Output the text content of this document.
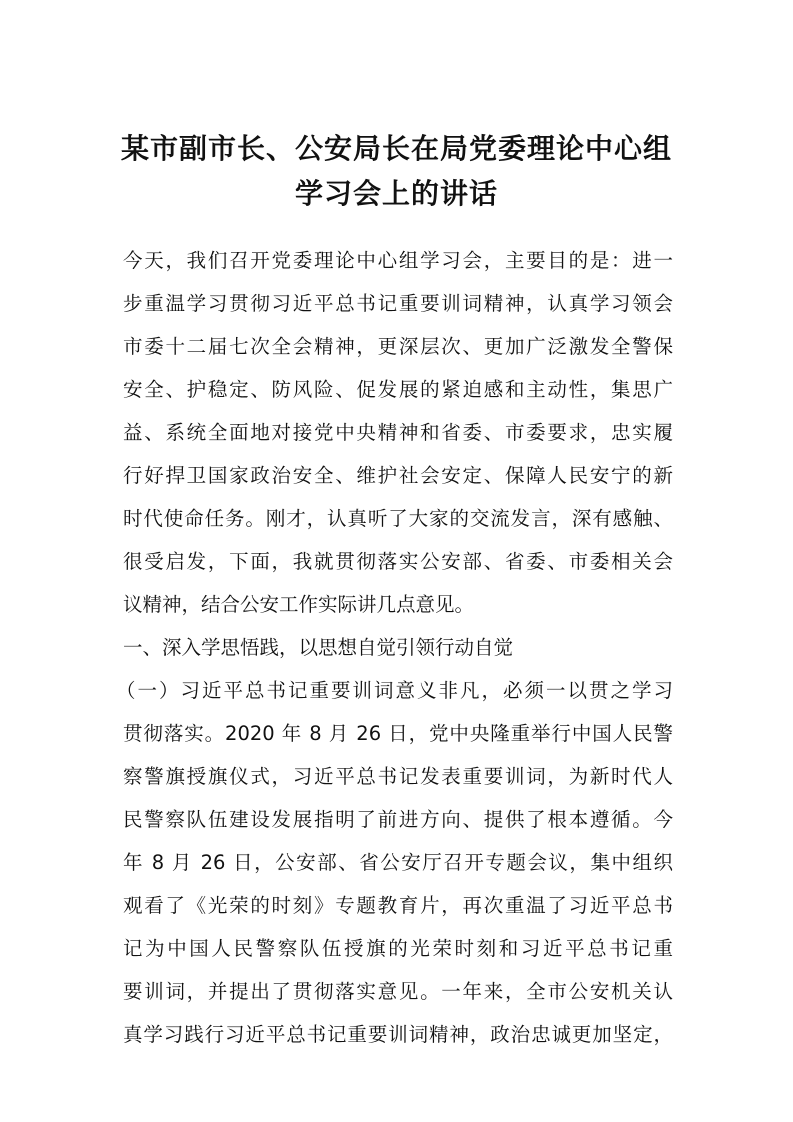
某市副市长、公安局长在局党委理论中心组
学习会上的讲话
今天，我们召开党委理论中心组学习会，主要目的是：进一
步重温学习贯彻习近平总书记重要训词精神，认真学习领会
市委十二届七次全会精神，更深层次、更加广泛激发全警保
安全、护稳定、防风险、促发展的紧迫感和主动性，集思广
益、系统全面地对接党中央精神和省委、市委要求，忠实履
行好捍卫国家政治安全、维护社会安定、保障人民安宁的新
时代使命任务。刚才，认真听了大家的交流发言，深有感触、
很受启发，下面，我就贯彻落实公安部、省委、市委相关会
议精神，结合公安工作实际讲几点意见。
一、深入学思悟践，以思想自觉引领行动自觉
（一）习近平总书记重要训词意义非凡，必须一以贯之学习
贯彻落实。2020 年 8 月 26 日，党中央隆重举行中国人民警
察警旗授旗仪式，习近平总书记发表重要训词，为新时代人
民警察队伍建设发展指明了前进方向、提供了根本遵循。今
年 8 月 26 日，公安部、省公安厅召开专题会议，集中组织
观看了《光荣的时刻》专题教育片，再次重温了习近平总书
记为中国人民警察队伍授旗的光荣时刻和习近平总书记重
要训词，并提出了贯彻落实意见。一年来，全市公安机关认
真学习践行习近平总书记重要训词精神，政治忠诚更加坚定，
